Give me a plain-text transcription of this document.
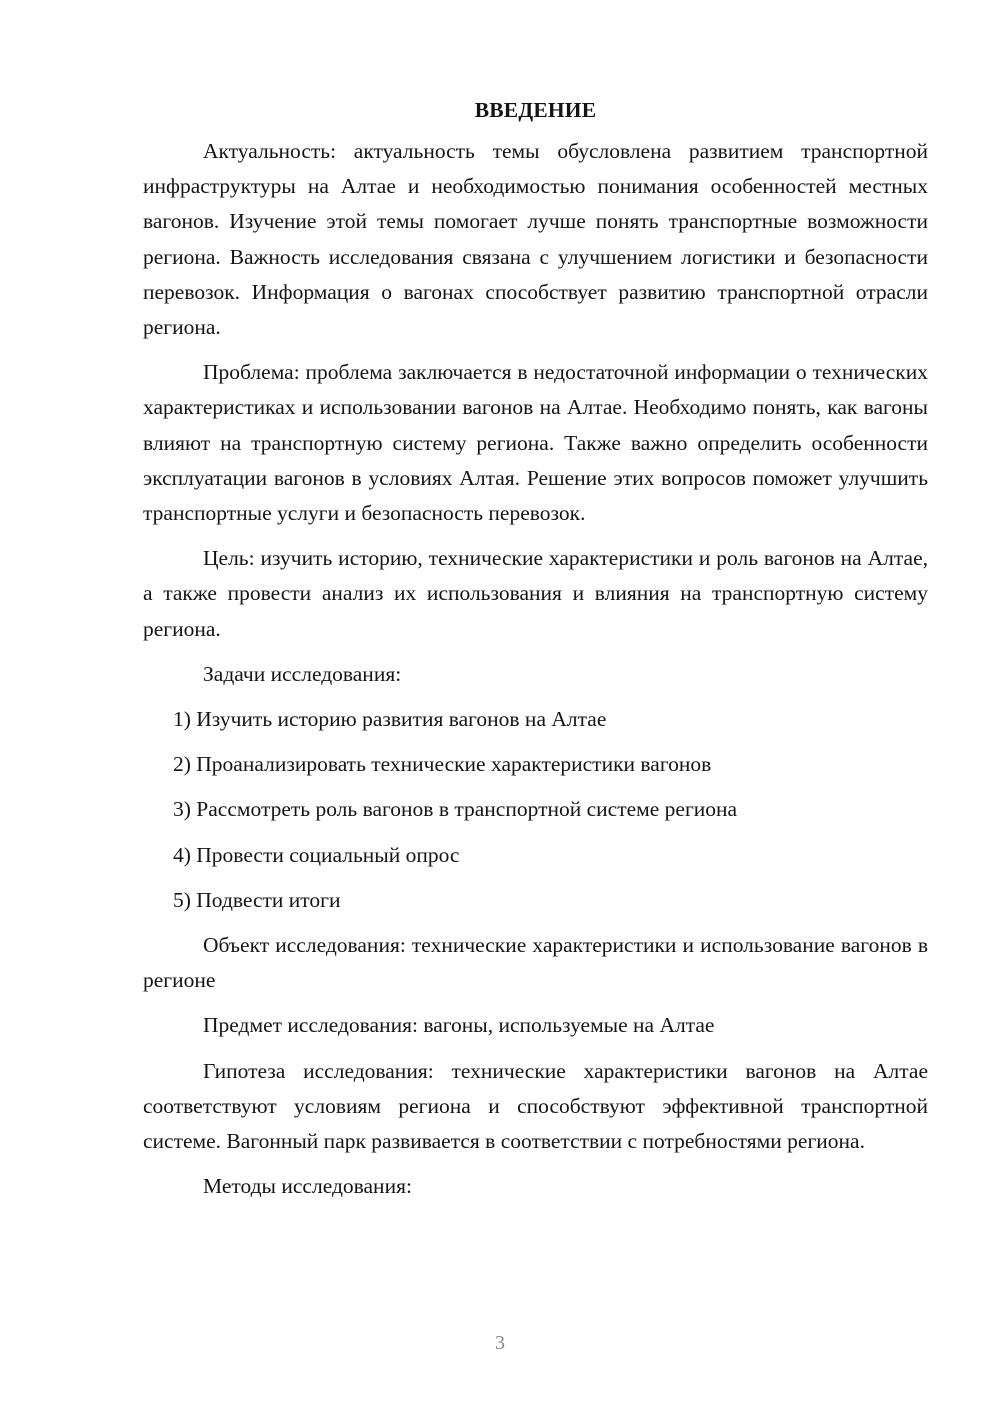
ВВЕДЕНИЕ

Актуальность: актуальность темы обусловлена развитием транспортной инфраструктуры на Алтае и необходимостью понимания особенностей местных вагонов. Изучение этой темы помогает лучше понять транспортные возможности региона. Важность исследования связана с улучшением логистики и безопасности перевозок. Информация о вагонах способствует развитию транспортной отрасли региона.

Проблема: проблема заключается в недостаточной информации о технических характеристиках и использовании вагонов на Алтае. Необходимо понять, как вагоны влияют на транспортную систему региона. Также важно определить особенности эксплуатации вагонов в условиях Алтая. Решение этих вопросов поможет улучшить транспортные услуги и безопасность перевозок.

Цель: изучить историю, технические характеристики и роль вагонов на Алтае, а также провести анализ их использования и влияния на транспортную систему региона.

Задачи исследования:

1) Изучить историю развития вагонов на Алтае
2) Проанализировать технические характеристики вагонов
3) Рассмотреть роль вагонов в транспортной системе региона
4) Провести социальный опрос
5) Подвести итоги

Объект исследования: технические характеристики и использование вагонов в регионе

Предмет исследования: вагоны, используемые на Алтае

Гипотеза исследования: технические характеристики вагонов на Алтае соответствуют условиям региона и способствуют эффективной транспортной системе. Вагонный парк развивается в соответствии с потребностями региона.

Методы исследования:

3
